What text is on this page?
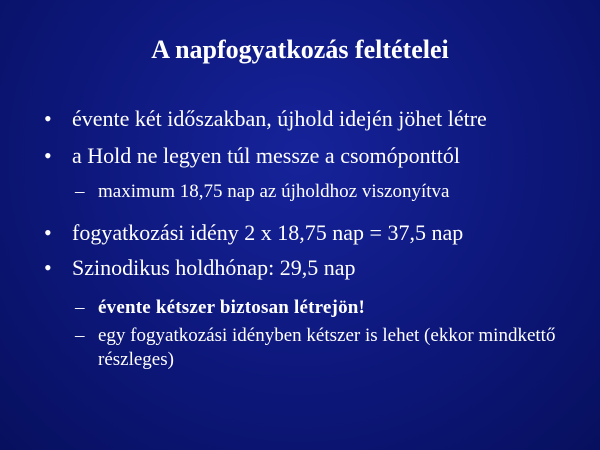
A napfogyatkozás feltételei
• évente két időszakban, újhold idején jöhet létre
• a Hold ne legyen túl messze a csomóponttól
– maximum 18,75 nap az újholdhoz viszonyítva
• fogyatkozási idény 2 x 18,75 nap = 37,5 nap
• Szinodikus holdhónap: 29,5 nap
– évente kétszer biztosan létrejön!
– egy fogyatkozási idényben kétszer is lehet (ekkor mindkettő részleges)
